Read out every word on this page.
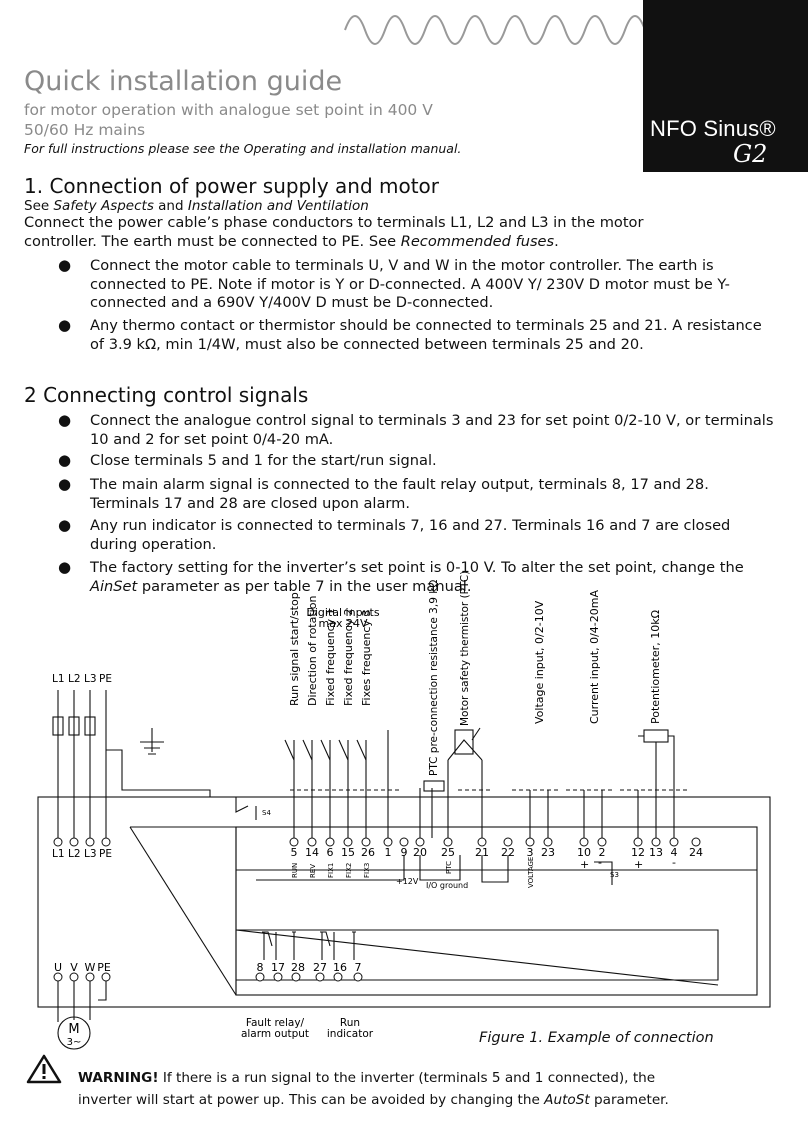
NFO Sinus®
G2
Quick installation guide
for motor operation with analogue set point in 400 V
50/60 Hz mains
For full instructions please see the Operating and installation manual.
1. Connection of power supply and motor
See Safety Aspects and Installation and Ventilation
Connect the power cable’s phase conductors to terminals L1, L2 and L3 in the motor
controller. The earth must be connected to PE. See Recommended fuses.
● Connect the motor cable to terminals U, V and W in the motor controller. The earth is connected to PE. Note if motor is Y or D-connected. A 400V Y/ 230V D motor must be Y-connected and a 690V Y/400V D must be D-connected.
● Any thermo contact or thermistor should be connected to terminals 25 and 21. A resistance of 3.9 kΩ, min 1/4W, must also be connected between terminals 25 and 20.
2 Connecting control signals
● Connect the analogue control signal to terminals 3 and 23 for set point 0/2-10 V, or terminals 10 and 2 for set point 0/4-20 mA.
● Close terminals 5 and 1 for the start/run signal.
● The main alarm signal is connected to the fault relay output, terminals 8, 17 and 28. Terminals 17 and 28 are closed upon alarm.
● Any run indicator is connected to terminals 7, 16 and 27. Terminals 16 and 7 are closed during operation.
● The factory setting for the inverter’s set point is 0-10 V. To alter the set point, change the AinSet parameter as per table 7 in the user manual.
Digital inputs
max 24V
Run signal start/stop Direction of rotation Fixed frequency 1 Fixed frequency 2 Fixes frequency 3	PTC pre-connection resistance 3,9 kΩ Motor safety thermistor (PTC)	Voltage input, 0/2-10V	Current input, 0/4-20mA	Potentiometer, 10kΩ
L1 L2 L3 PE
L1 L2 L3 PE	5 14 6 15 26 1 9 20 25 21 22 3 23 10 2 12 13 4 24
RUN REV FIX1 FIX2 FIX3	PTC	VOLTAGE	+ -	+	-
S4
S3
+12V I/O ground
U V W PE	8 17 28 27 16 7
M
3~
Fault relay/
alarm output
Run
indicator	Figure 1. Example of connection
WARNING! If there is a run signal to the inverter (terminals 5 and 1 connected), the
inverter will start at power up. This can be avoided by changing the AutoSt parameter.
